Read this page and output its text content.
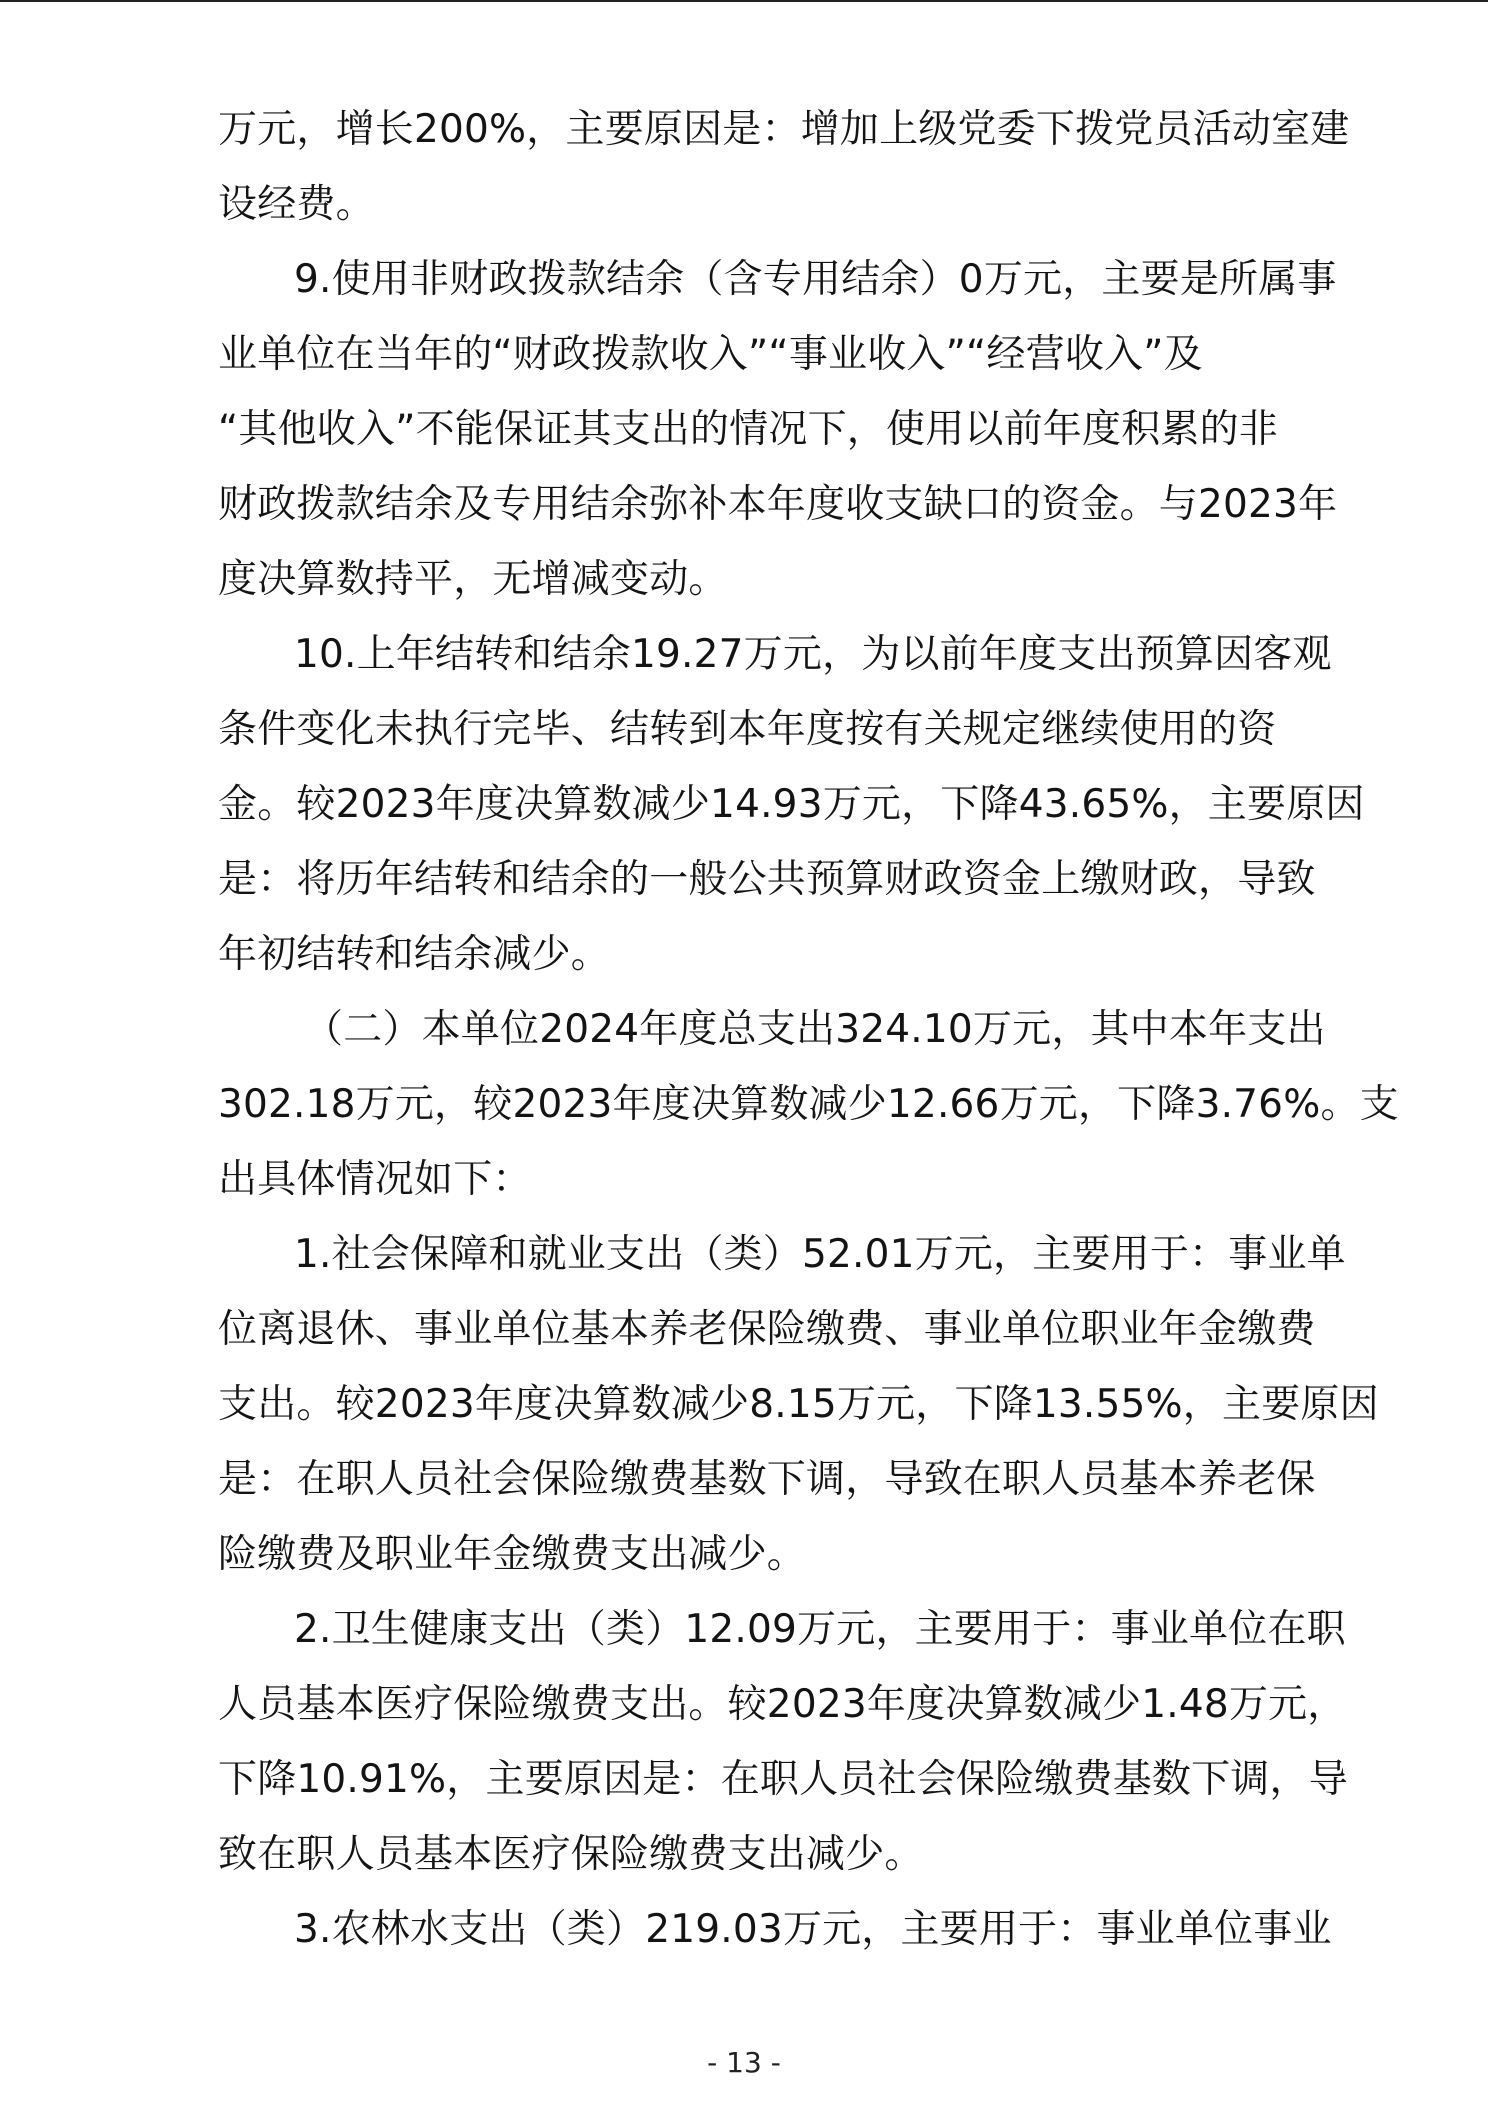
万元，增长200%，主要原因是：增加上级党委下拨党员活动室建
设经费。
9.使用非财政拨款结余（含专用结余）0万元，主要是所属事
业单位在当年的“财政拨款收入”“事业收入”“经营收入”及
“其他收入”不能保证其支出的情况下，使用以前年度积累的非
财政拨款结余及专用结余弥补本年度收支缺口的资金。与2023年
度决算数持平，无增减变动。
10.上年结转和结余19.27万元，为以前年度支出预算因客观
条件变化未执行完毕、结转到本年度按有关规定继续使用的资
金。较2023年度决算数减少14.93万元，下降43.65%，主要原因
是：将历年结转和结余的一般公共预算财政资金上缴财政，导致
年初结转和结余减少。
（二）本单位2024年度总支出324.10万元，其中本年支出
302.18万元，较2023年度决算数减少12.66万元，下降3.76%。支
出具体情况如下：
1.社会保障和就业支出（类）52.01万元，主要用于：事业单
位离退休、事业单位基本养老保险缴费、事业单位职业年金缴费
支出。较2023年度决算数减少8.15万元，下降13.55%，主要原因
是：在职人员社会保险缴费基数下调，导致在职人员基本养老保
险缴费及职业年金缴费支出减少。
2.卫生健康支出（类）12.09万元，主要用于：事业单位在职
人员基本医疗保险缴费支出。较2023年度决算数减少1.48万元，
下降10.91%，主要原因是：在职人员社会保险缴费基数下调，导
致在职人员基本医疗保险缴费支出减少。
3.农林水支出（类）219.03万元，主要用于：事业单位事业
- 13 -
